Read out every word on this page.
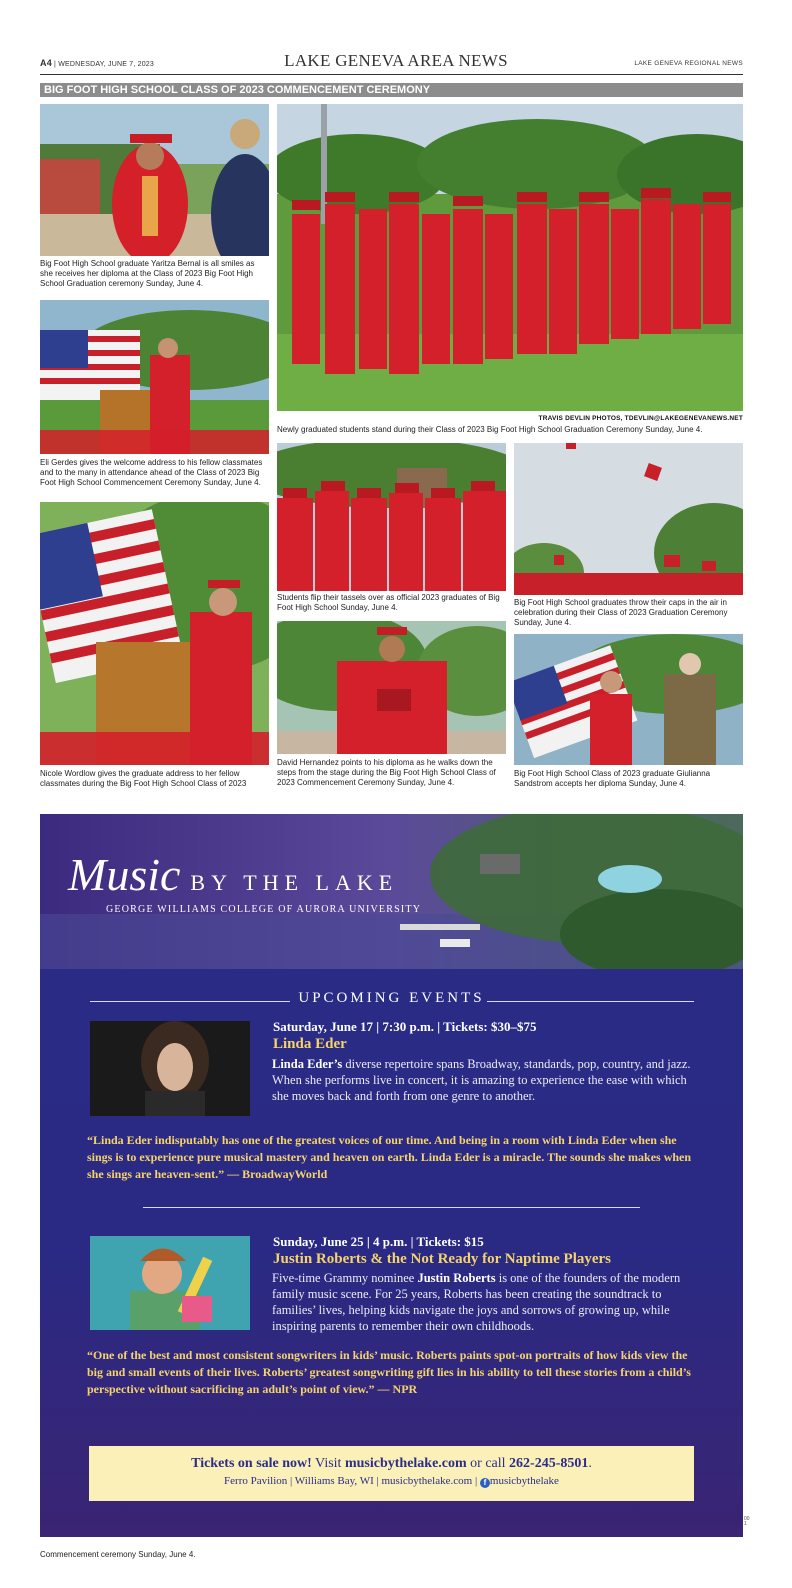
A4 | WEDNESDAY, JUNE 7, 2023	LAKE GENEVA AREA NEWS	LAKE GENEVA REGIONAL NEWS
BIG FOOT HIGH SCHOOL CLASS OF 2023 COMMENCEMENT CEREMONY
Big Foot High School graduate Yaritza Bernal is all smiles as she receives her diploma at the Class of 2023 Big Foot High School Graduation ceremony Sunday, June 4.
TRAVIS DEVLIN PHOTOS, TDEVLIN@LAKEGENEVANEWS.NET
Newly graduated students stand during their Class of 2023 Big Foot High School Graduation Ceremony Sunday, June 4.
Eli Gerdes gives the welcome address to his fellow classmates and to the many in attendance ahead of the Class of 2023 Big Foot High School Commencement Ceremony Sunday, June 4.
Students flip their tassels over as official 2023 graduates of Big Foot High School Sunday, June 4.
Big Foot High School graduates throw their caps in the air in celebration during their Class of 2023 Graduation Ceremony Sunday, June 4.
Nicole Wordlow gives the graduate address to her fellow classmates during the Big Foot High School Class of 2023
David Hernandez points to his diploma as he walks down the steps from the stage during the Big Foot High School Class of 2023 Commencement Ceremony Sunday, June 4.
Big Foot High School Class of 2023 graduate Giulianna Sandstrom accepts her diploma Sunday, June 4.
Music BY THE LAKE
GEORGE WILLIAMS COLLEGE OF AURORA UNIVERSITY
UPCOMING EVENTS
Saturday, June 17 | 7:30 p.m. | Tickets: $30–$75
Linda Eder
Linda Eder’s diverse repertoire spans Broadway, standards, pop, country, and jazz. When she performs live in concert, it is amazing to experience the ease with which she moves back and forth from one genre to another.
“Linda Eder indisputably has one of the greatest voices of our time. And being in a room with Linda Eder when she sings is to experience pure musical mastery and heaven on earth. Linda Eder is a miracle. The sounds she makes when she sings are heaven-sent.” — BroadwayWorld
Sunday, June 25 | 4 p.m. | Tickets: $15
Justin Roberts & the Not Ready for Naptime Players
Five-time Grammy nominee Justin Roberts is one of the founders of the modern family music scene. For 25 years, Roberts has been creating the soundtrack to families’ lives, helping kids navigate the joys and sorrows of growing up, while inspiring parents to remember their own childhoods.
“One of the best and most consistent songwriters in kids’ music. Roberts paints spot-on portraits of how kids view the big and small events of their lives. Roberts’ greatest songwriting gift lies in his ability to tell these stories from a child’s perspective without sacrificing an adult’s point of view.” — NPR
Tickets on sale now! Visit musicbythelake.com or call 262-245-8501.
Ferro Pavilion | Williams Bay, WI | musicbythelake.com | f musicbythelake
00 1
Commencement ceremony Sunday, June 4.
